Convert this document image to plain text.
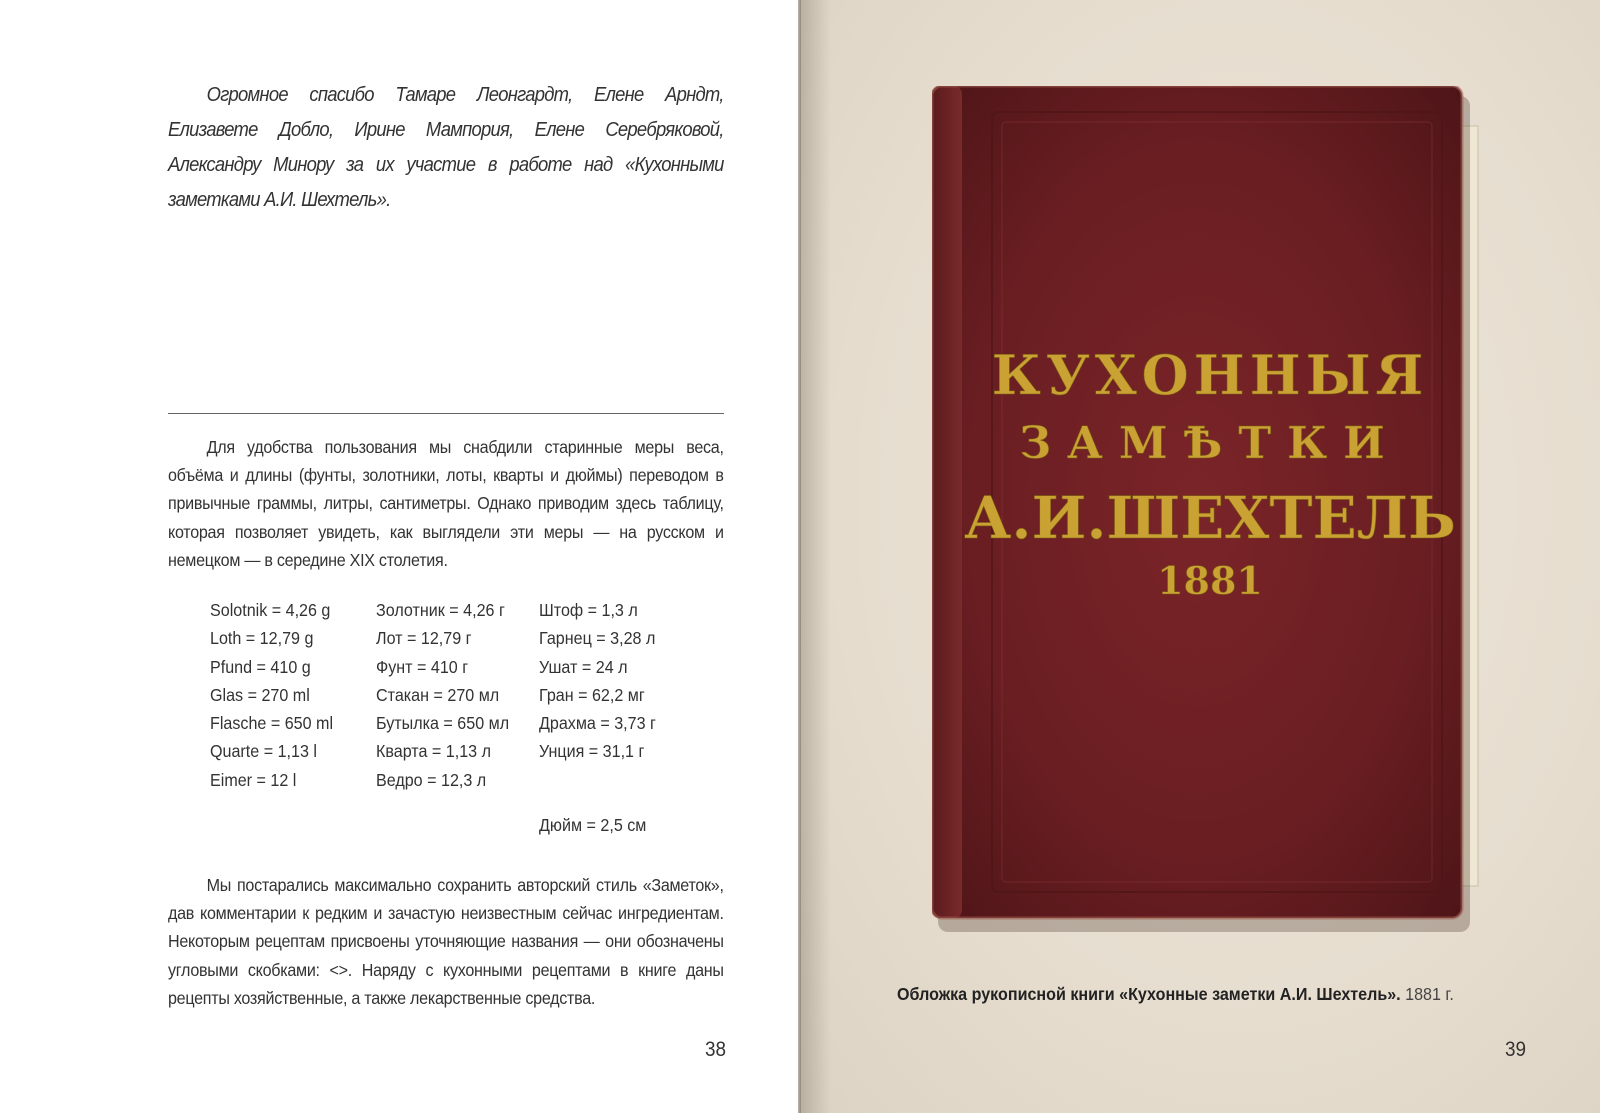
Огромное спасибо Тамаре Леонгардт, Елене Арндт, Елизавете Добло, Ирине Мампория, Елене Серебряковой, Александру Минору за их участие в работе над «Кухонными заметками А.И. Шехтель».
Для удобства пользования мы снабдили старинные меры веса, объёма и длины (фунты, золотники, лоты, кварты и дюймы) переводом в привычные граммы, литры, сантиметры. Однако приводим здесь таблицу, которая позволяет увидеть, как выглядели эти меры — на русском и немецком — в середине XIX столетия.
Solotnik = 4,26 g
Loth = 12,79 g
Pfund = 410 g
Glas = 270 ml
Flasche = 650 ml
Quarte = 1,13 l
Eimer = 12 l
Золотник = 4,26 г
Лот = 12,79 г
Фунт = 410 г
Стакан = 270 мл
Бутылка = 650 мл
Кварта = 1,13 л
Ведро = 12,3 л
Штоф = 1,3 л
Гарнец = 3,28 л
Ушат = 24 л
Гран = 62,2 мг
Драхма = 3,73 г
Унция = 31,1 г
Дюйм = 2,5 см
Мы постарались максимально сохранить авторский стиль «Заметок», дав комментарии к редким и зачастую неизвестным сейчас ингредиентам. Некоторым рецептам присвоены уточняющие названия — они обозначены угловыми скобками: <>. Наряду с кухонными рецептами в книге даны рецепты хозяйственные, а также лекарственные средства.
38
КУХОННЫЯ
ЗАМѢТКИ
А.И.ШЕХТЕЛЬ
1881
Обложка рукописной книги «Кухонные заметки А.И. Шехтель». 1881 г.
39
